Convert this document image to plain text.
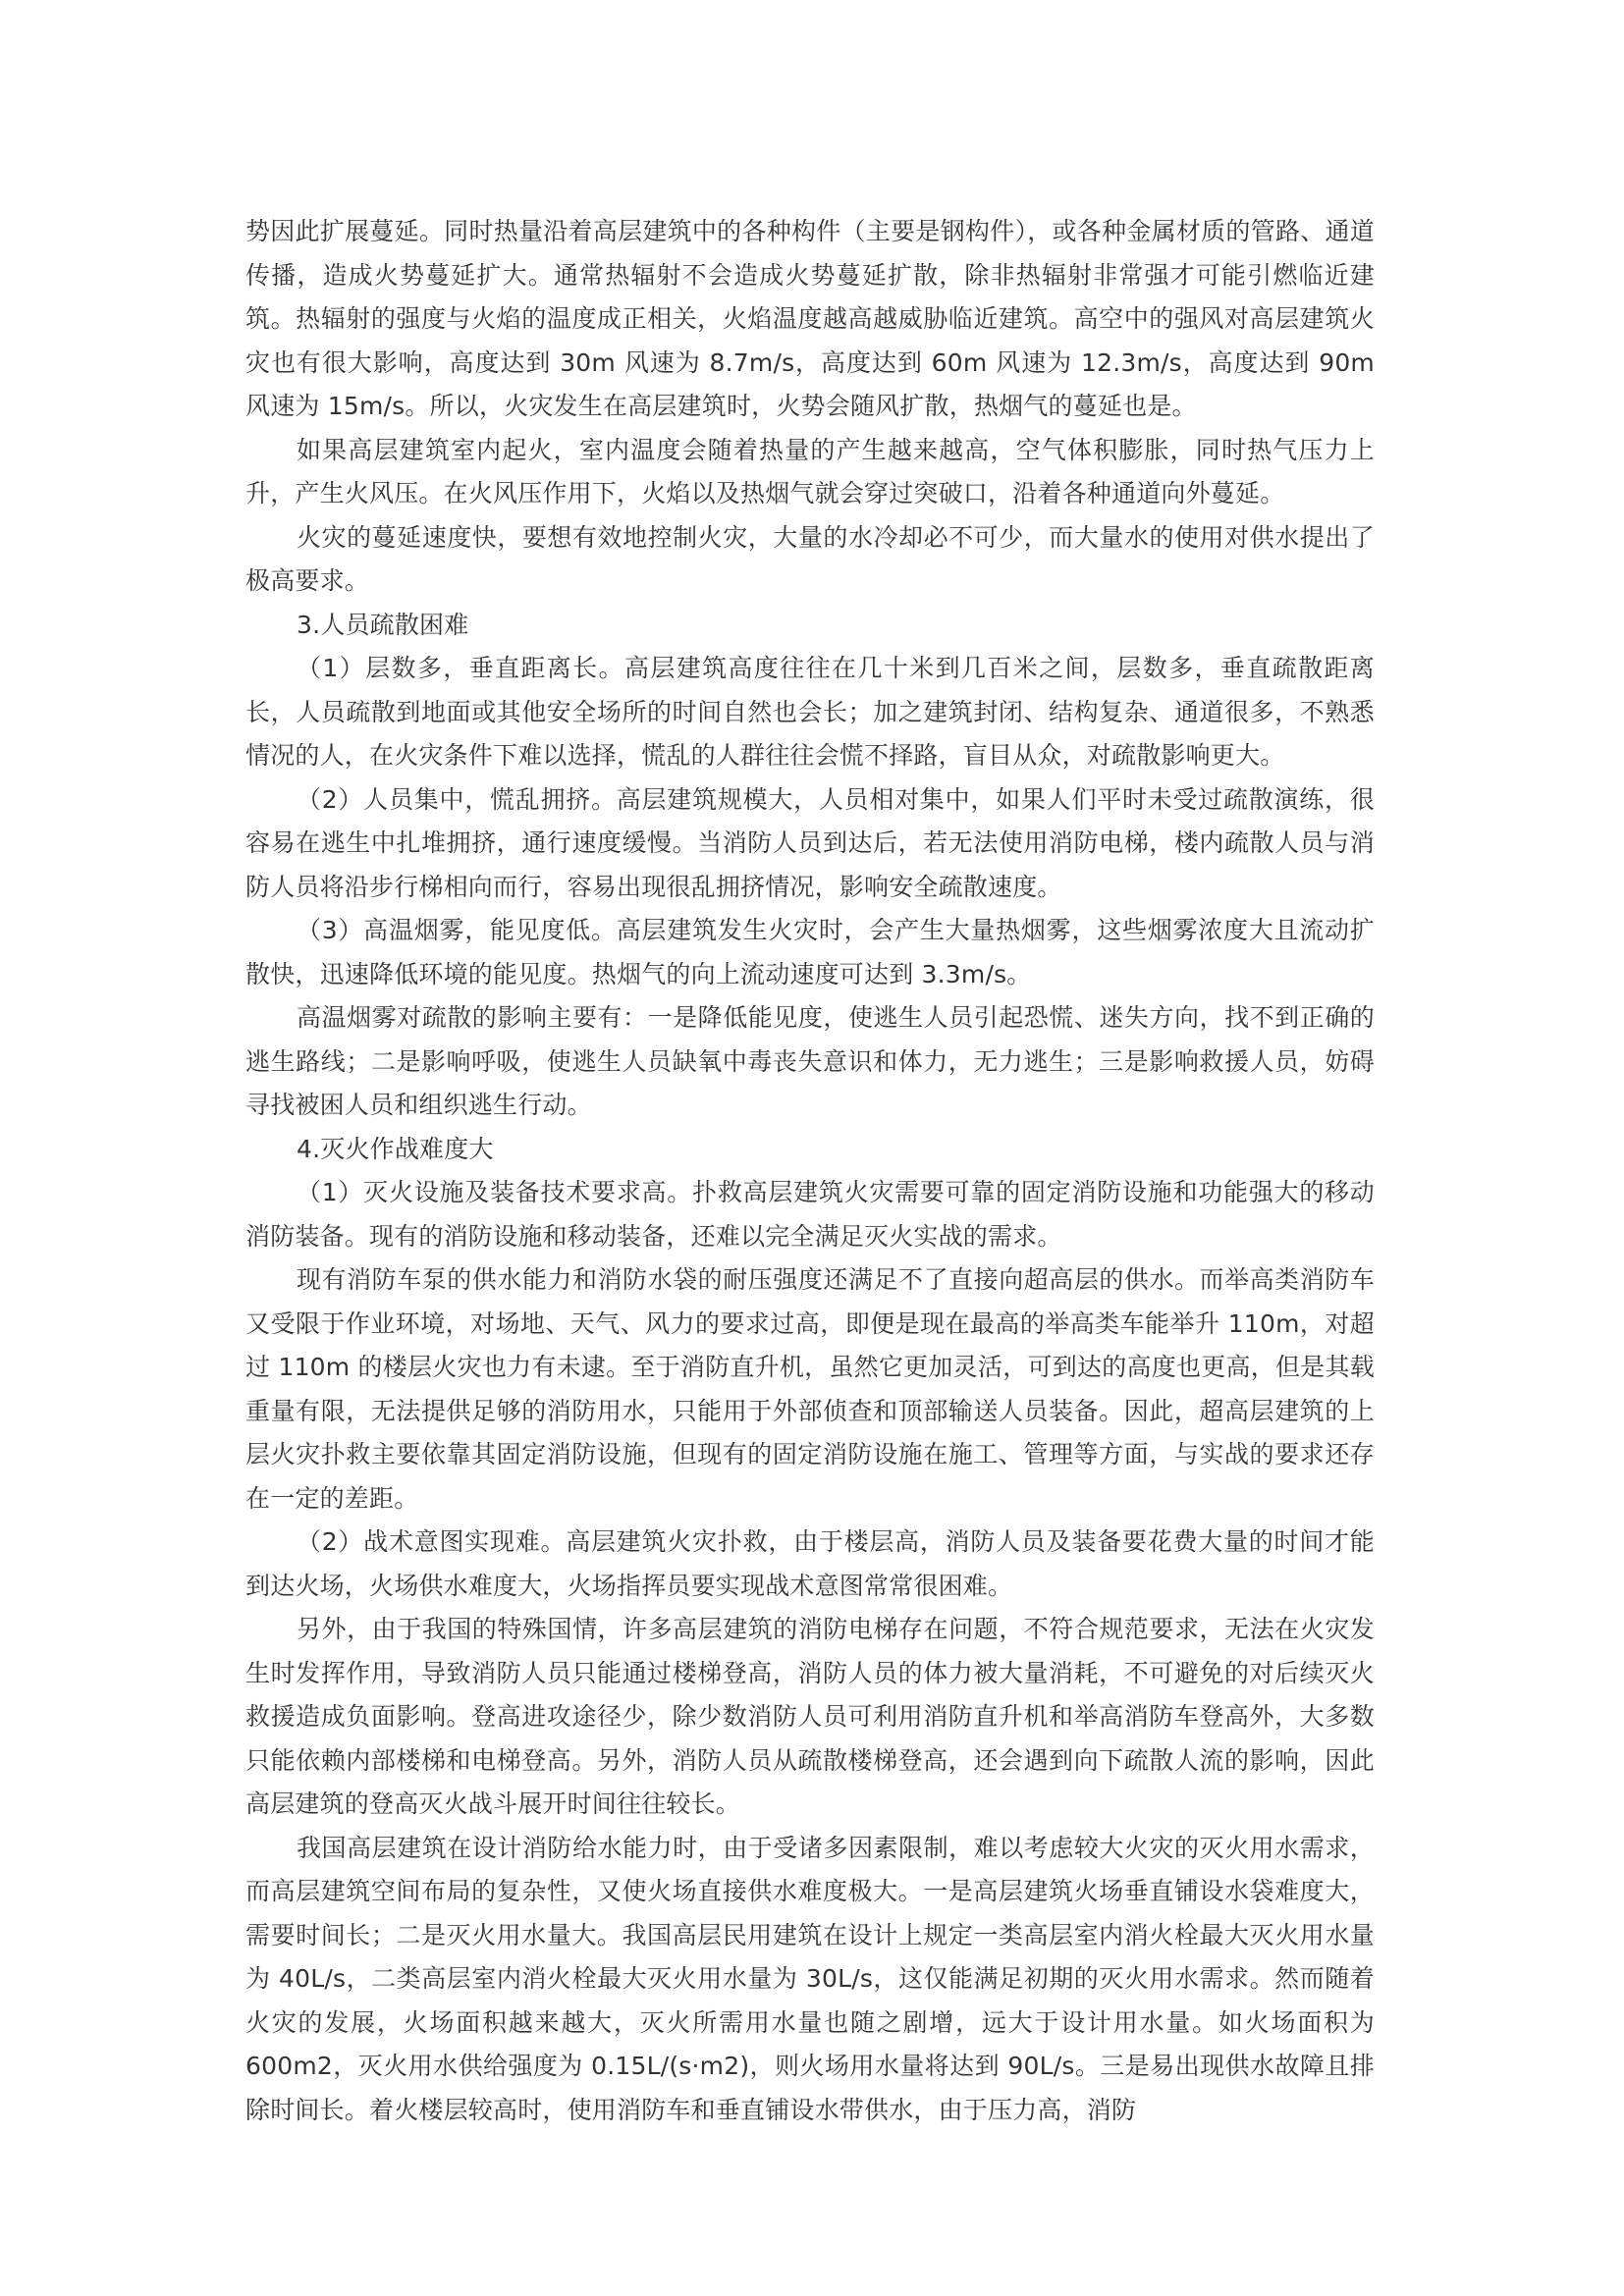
势因此扩展蔓延。同时热量沿着高层建筑中的各种构件（主要是钢构件），或各种金属材质的管路、通道传播，造成火势蔓延扩大。通常热辐射不会造成火势蔓延扩散，除非热辐射非常强才可能引燃临近建筑。热辐射的强度与火焰的温度成正相关，火焰温度越高越威胁临近建筑。高空中的强风对高层建筑火灾也有很大影响，高度达到 30m 风速为 8.7m/s，高度达到 60m 风速为 12.3m/s，高度达到 90m 风速为 15m/s。所以，火灾发生在高层建筑时，火势会随风扩散，热烟气的蔓延也是。

如果高层建筑室内起火，室内温度会随着热量的产生越来越高，空气体积膨胀，同时热气压力上升，产生火风压。在火风压作用下，火焰以及热烟气就会穿过突破口，沿着各种通道向外蔓延。

火灾的蔓延速度快，要想有效地控制火灾，大量的水冷却必不可少，而大量水的使用对供水提出了极高要求。

3.人员疏散困难

（1）层数多，垂直距离长。高层建筑高度往往在几十米到几百米之间，层数多，垂直疏散距离长，人员疏散到地面或其他安全场所的时间自然也会长；加之建筑封闭、结构复杂、通道很多，不熟悉情况的人，在火灾条件下难以选择，慌乱的人群往往会慌不择路，盲目从众，对疏散影响更大。

（2）人员集中，慌乱拥挤。高层建筑规模大，人员相对集中，如果人们平时未受过疏散演练，很容易在逃生中扎堆拥挤，通行速度缓慢。当消防人员到达后，若无法使用消防电梯，楼内疏散人员与消防人员将沿步行梯相向而行，容易出现很乱拥挤情况，影响安全疏散速度。

（3）高温烟雾，能见度低。高层建筑发生火灾时，会产生大量热烟雾，这些烟雾浓度大且流动扩散快，迅速降低环境的能见度。热烟气的向上流动速度可达到 3.3m/s。

高温烟雾对疏散的影响主要有：一是降低能见度，使逃生人员引起恐慌、迷失方向，找不到正确的逃生路线；二是影响呼吸，使逃生人员缺氧中毒丧失意识和体力，无力逃生；三是影响救援人员，妨碍寻找被困人员和组织逃生行动。

4.灭火作战难度大

（1）灭火设施及装备技术要求高。扑救高层建筑火灾需要可靠的固定消防设施和功能强大的移动消防装备。现有的消防设施和移动装备，还难以完全满足灭火实战的需求。

现有消防车泵的供水能力和消防水袋的耐压强度还满足不了直接向超高层的供水。而举高类消防车又受限于作业环境，对场地、天气、风力的要求过高，即便是现在最高的举高类车能举升 110m，对超过 110m 的楼层火灾也力有未逮。至于消防直升机，虽然它更加灵活，可到达的高度也更高，但是其载重量有限，无法提供足够的消防用水，只能用于外部侦查和顶部输送人员装备。因此，超高层建筑的上层火灾扑救主要依靠其固定消防设施，但现有的固定消防设施在施工、管理等方面，与实战的要求还存在一定的差距。

（2）战术意图实现难。高层建筑火灾扑救，由于楼层高，消防人员及装备要花费大量的时间才能到达火场，火场供水难度大，火场指挥员要实现战术意图常常很困难。

另外，由于我国的特殊国情，许多高层建筑的消防电梯存在问题，不符合规范要求，无法在火灾发生时发挥作用，导致消防人员只能通过楼梯登高，消防人员的体力被大量消耗，不可避免的对后续灭火救援造成负面影响。登高进攻途径少，除少数消防人员可利用消防直升机和举高消防车登高外，大多数只能依赖内部楼梯和电梯登高。另外，消防人员从疏散楼梯登高，还会遇到向下疏散人流的影响，因此高层建筑的登高灭火战斗展开时间往往较长。

我国高层建筑在设计消防给水能力时，由于受诸多因素限制，难以考虑较大火灾的灭火用水需求，而高层建筑空间布局的复杂性，又使火场直接供水难度极大。一是高层建筑火场垂直铺设水袋难度大，需要时间长；二是灭火用水量大。我国高层民用建筑在设计上规定一类高层室内消火栓最大灭火用水量为 40L/s，二类高层室内消火栓最大灭火用水量为 30L/s，这仅能满足初期的灭火用水需求。然而随着火灾的发展，火场面积越来越大，灭火所需用水量也随之剧增，远大于设计用水量。如火场面积为 600m2，灭火用水供给强度为 0.15L/(s·m2)，则火场用水量将达到 90L/s。三是易出现供水故障且排除时间长。着火楼层较高时，使用消防车和垂直铺设水带供水，由于压力高，消防
